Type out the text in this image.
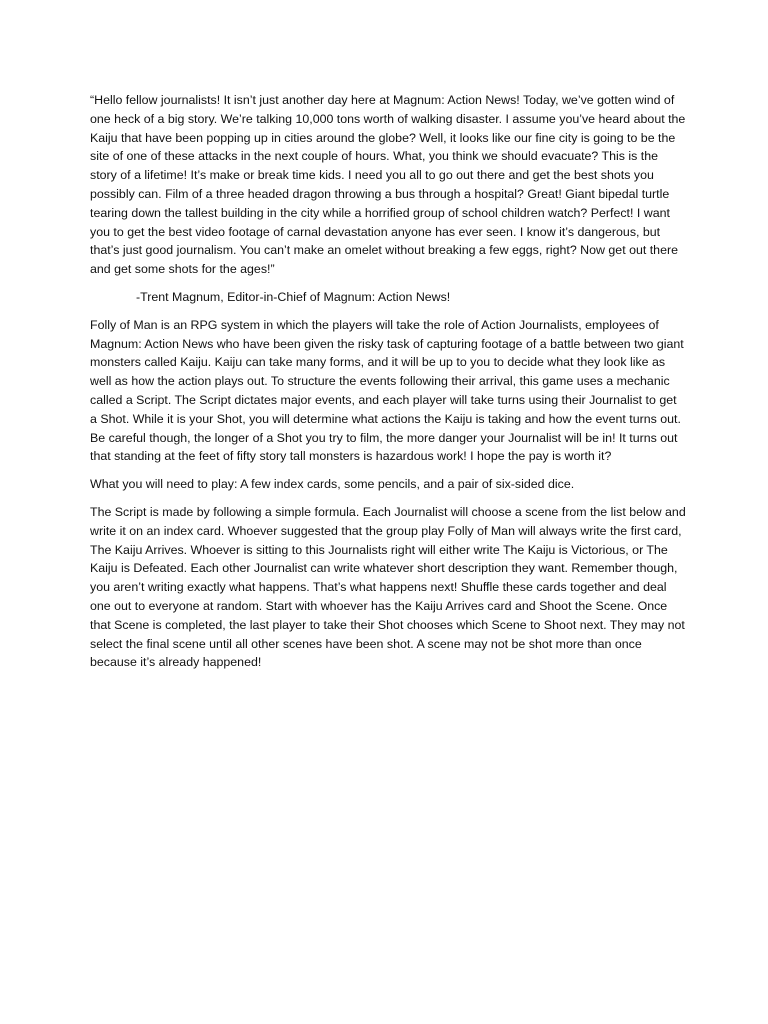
“Hello fellow journalists! It isn’t just another day here at Magnum: Action News! Today, we’ve gotten wind of one heck of a big story. We’re talking 10,000 tons worth of walking disaster. I assume you’ve heard about the Kaiju that have been popping up in cities around the globe? Well, it looks like our fine city is going to be the site of one of these attacks in the next couple of hours. What, you think we should evacuate? This is the story of a lifetime! It’s make or break time kids. I need you all to go out there and get the best shots you possibly can. Film of a three headed dragon throwing a bus through a hospital? Great! Giant bipedal turtle tearing down the tallest building in the city while a horrified group of school children watch? Perfect! I want you to get the best video footage of carnal devastation anyone has ever seen. I know it’s dangerous, but that’s just good journalism. You can’t make an omelet without breaking a few eggs, right? Now get out there and get some shots for the ages!”

-Trent Magnum, Editor-in-Chief of Magnum: Action News!

Folly of Man is an RPG system in which the players will take the role of Action Journalists, employees of Magnum: Action News who have been given the risky task of capturing footage of a battle between two giant monsters called Kaiju. Kaiju can take many forms, and it will be up to you to decide what they look like as well as how the action plays out. To structure the events following their arrival, this game uses a mechanic called a Script. The Script dictates major events, and each player will take turns using their Journalist to get a Shot. While it is your Shot, you will determine what actions the Kaiju is taking and how the event turns out. Be careful though, the longer of a Shot you try to film, the more danger your Journalist will be in! It turns out that standing at the feet of fifty story tall monsters is hazardous work! I hope the pay is worth it?

What you will need to play: A few index cards, some pencils, and a pair of six-sided dice.

The Script is made by following a simple formula. Each Journalist will choose a scene from the list below and write it on an index card. Whoever suggested that the group play Folly of Man will always write the first card, The Kaiju Arrives. Whoever is sitting to this Journalists right will either write The Kaiju is Victorious, or The Kaiju is Defeated. Each other Journalist can write whatever short description they want. Remember though, you aren’t writing exactly what happens. That’s what happens next! Shuffle these cards together and deal one out to everyone at random. Start with whoever has the Kaiju Arrives card and Shoot the Scene. Once that Scene is completed, the last player to take their Shot chooses which Scene to Shoot next. They may not select the final scene until all other scenes have been shot. A scene may not be shot more than once because it’s already happened!
